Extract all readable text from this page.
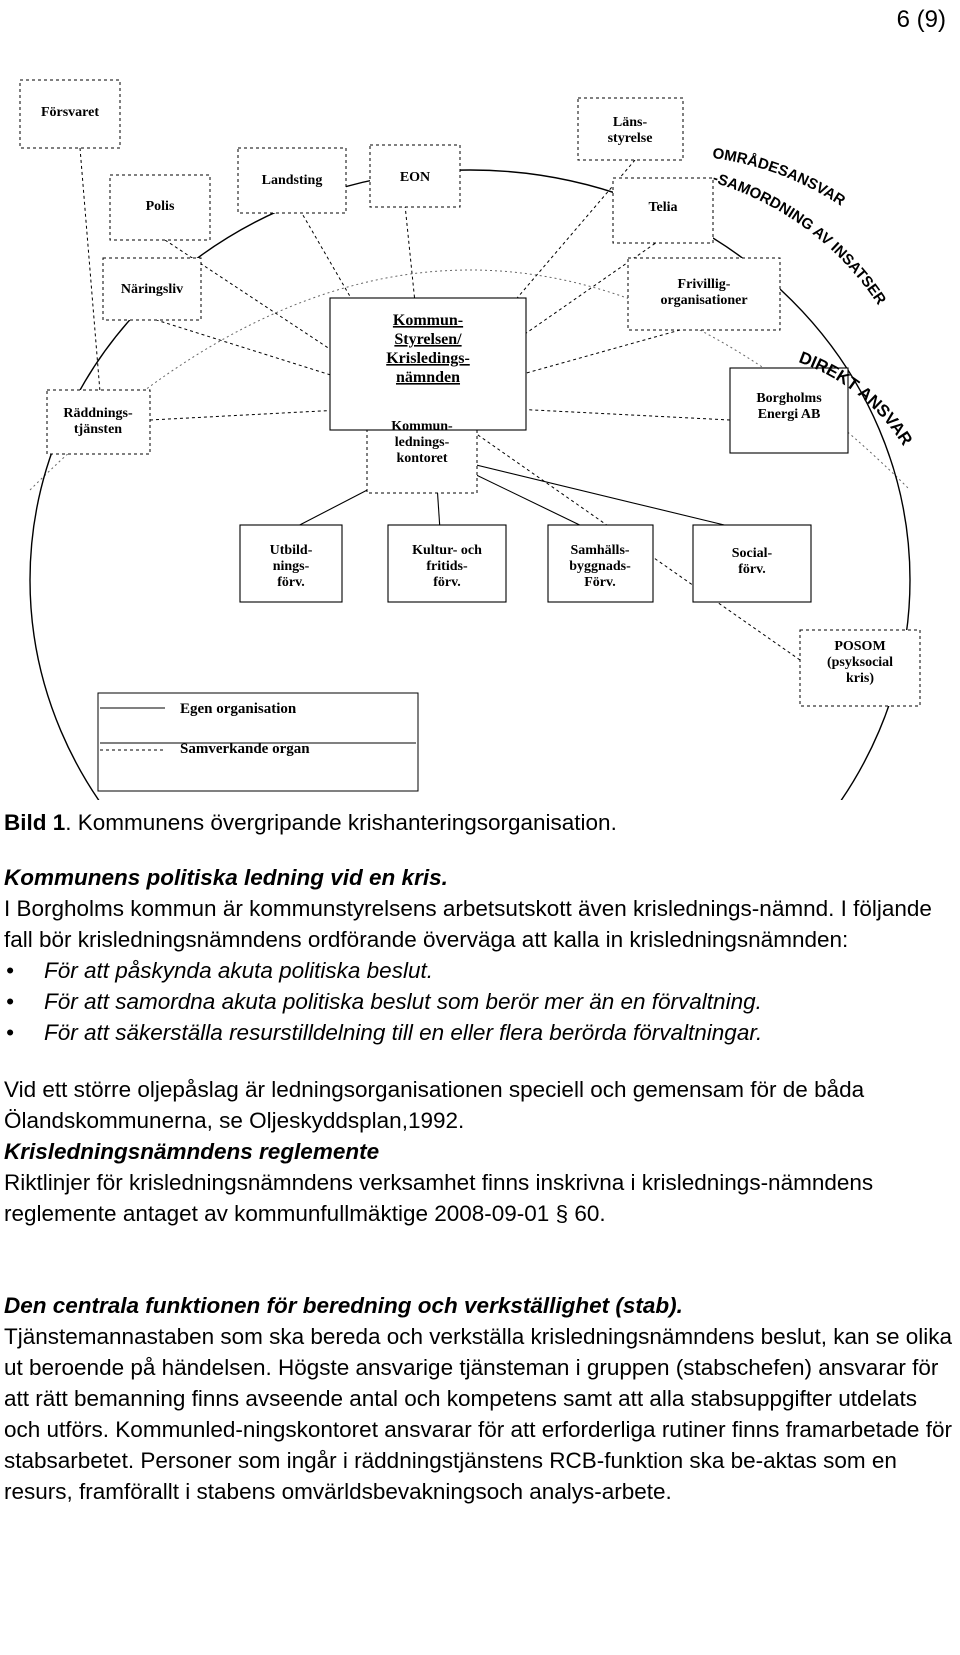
6 (9)
Försvaret
Polis
Landsting	EON
Läns-styrelse
Telia
Näringsliv	Frivillig-organisationer
Kommun-Styrelsen/ Krisledings-nämnden
Räddnings-tjänsten	Kommun-lednings-kontoret
Borgholms Energi AB
Utbild-nings-förv.
Kultur- och fritids-förv.
Samhälls-byggnads-Förv.
Social-förv.
POSOM (psyksocial kris)
OMRÅDESANSVAR
-SAMORDNING AV INSATSER
DIREKT ANSVAR
Egen organisation
Samverkande organ
Bild 1. Kommunens övergripande krishanteringsorganisation.
Kommunens politiska ledning vid en kris.
I Borgholms kommun är kommunstyrelsens arbetsutskott även krislednings-nämnd. I följande fall bör krisledningsnämndens ordförande överväga att kalla in krisledningsnämnden:
• För att påskynda akuta politiska beslut.
• För att samordna akuta politiska beslut som berör mer än en förvaltning.
• För att säkerställa resurstilldelning till en eller flera berörda förvaltningar.
Vid ett större oljepåslag är ledningsorganisationen speciell och gemensam för de båda Ölandskommunerna, se Oljeskyddsplan,1992.
Krisledningsnämndens reglemente
Riktlinjer för krisledningsnämndens verksamhet finns inskrivna i krislednings-nämndens reglemente antaget av kommunfullmäktige 2008-09-01 § 60.
Den centrala funktionen för beredning och verkställighet (stab).
Tjänstemannastaben som ska bereda och verkställa krisledningsnämndens beslut, kan se olika ut beroende på händelsen. Högste ansvarige tjänsteman i gruppen (stabschefen) ansvarar för att rätt bemanning finns avseende antal och kompetens samt att alla stabsuppgifter utdelats och utförs. Kommunled-ningskontoret ansvarar för att erforderliga rutiner finns framarbetade för stabsarbetet. Personer som ingår i räddningstjänstens RCB-funktion ska be-aktas som en resurs, framförallt i stabens omvärldsbevakningsoch analys-arbete.
